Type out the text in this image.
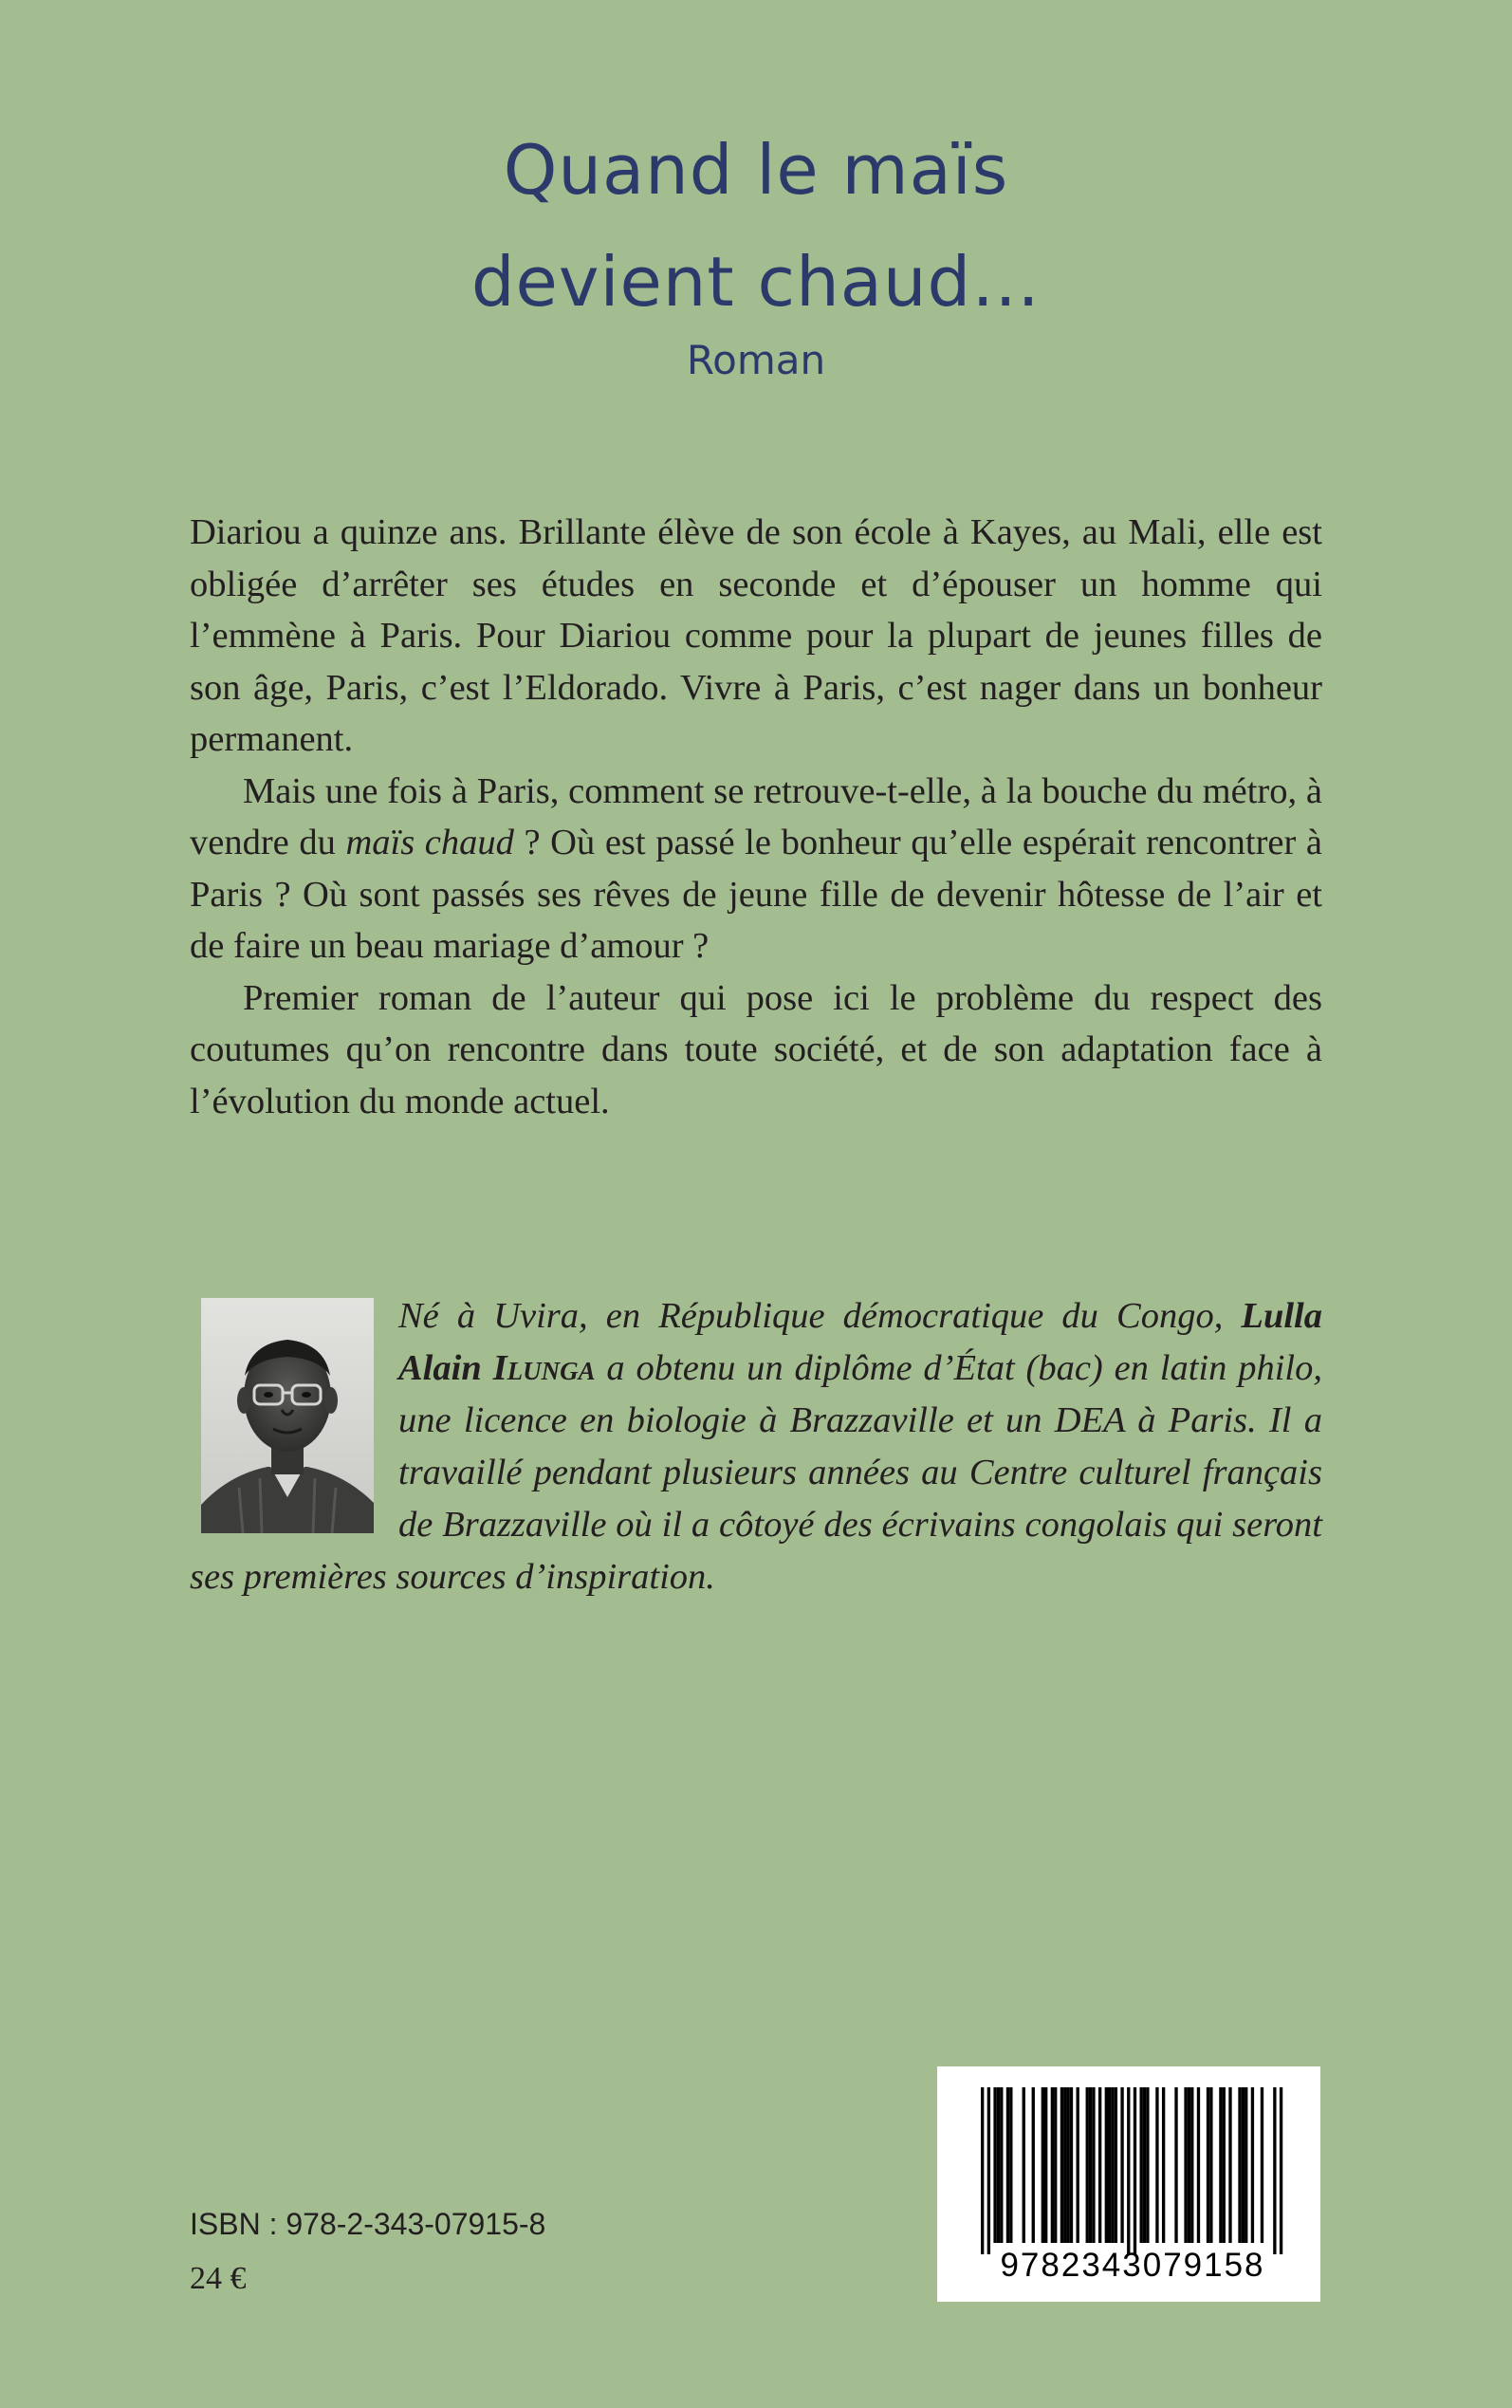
Quand le maïs
devient chaud…
Roman

Diariou a quinze ans. Brillante élève de son école à Kayes, au Mali, elle est obligée d’arrêter ses études en seconde et d’épouser un homme qui l’emmène à Paris. Pour Diariou comme pour la plupart de jeunes filles de son âge, Paris, c’est l’Eldorado. Vivre à Paris, c’est nager dans un bonheur permanent.

Mais une fois à Paris, comment se retrouve-t-elle, à la bouche du métro, à vendre du maïs chaud ? Où est passé le bonheur qu’elle espérait rencontrer à Paris ? Où sont passés ses rêves de jeune fille de devenir hôtesse de l’air et de faire un beau mariage d’amour ?

Premier roman de l’auteur qui pose ici le problème du respect des coutumes qu’on rencontre dans toute société, et de son adaptation face à l’évolution du monde actuel.

Né à Uvira, en République démocratique du Congo, Lulla Alain Ilunga a obtenu un diplôme d’État (bac) en latin philo, une licence en biologie à Brazzaville et un DEA à Paris. Il a travaillé pendant plusieurs années au Centre culturel français de Brazzaville où il a côtoyé des écrivains congolais qui seront ses premières sources d’inspiration.
ISBN : 978-2-343-07915-8
24 €	9782343079158
